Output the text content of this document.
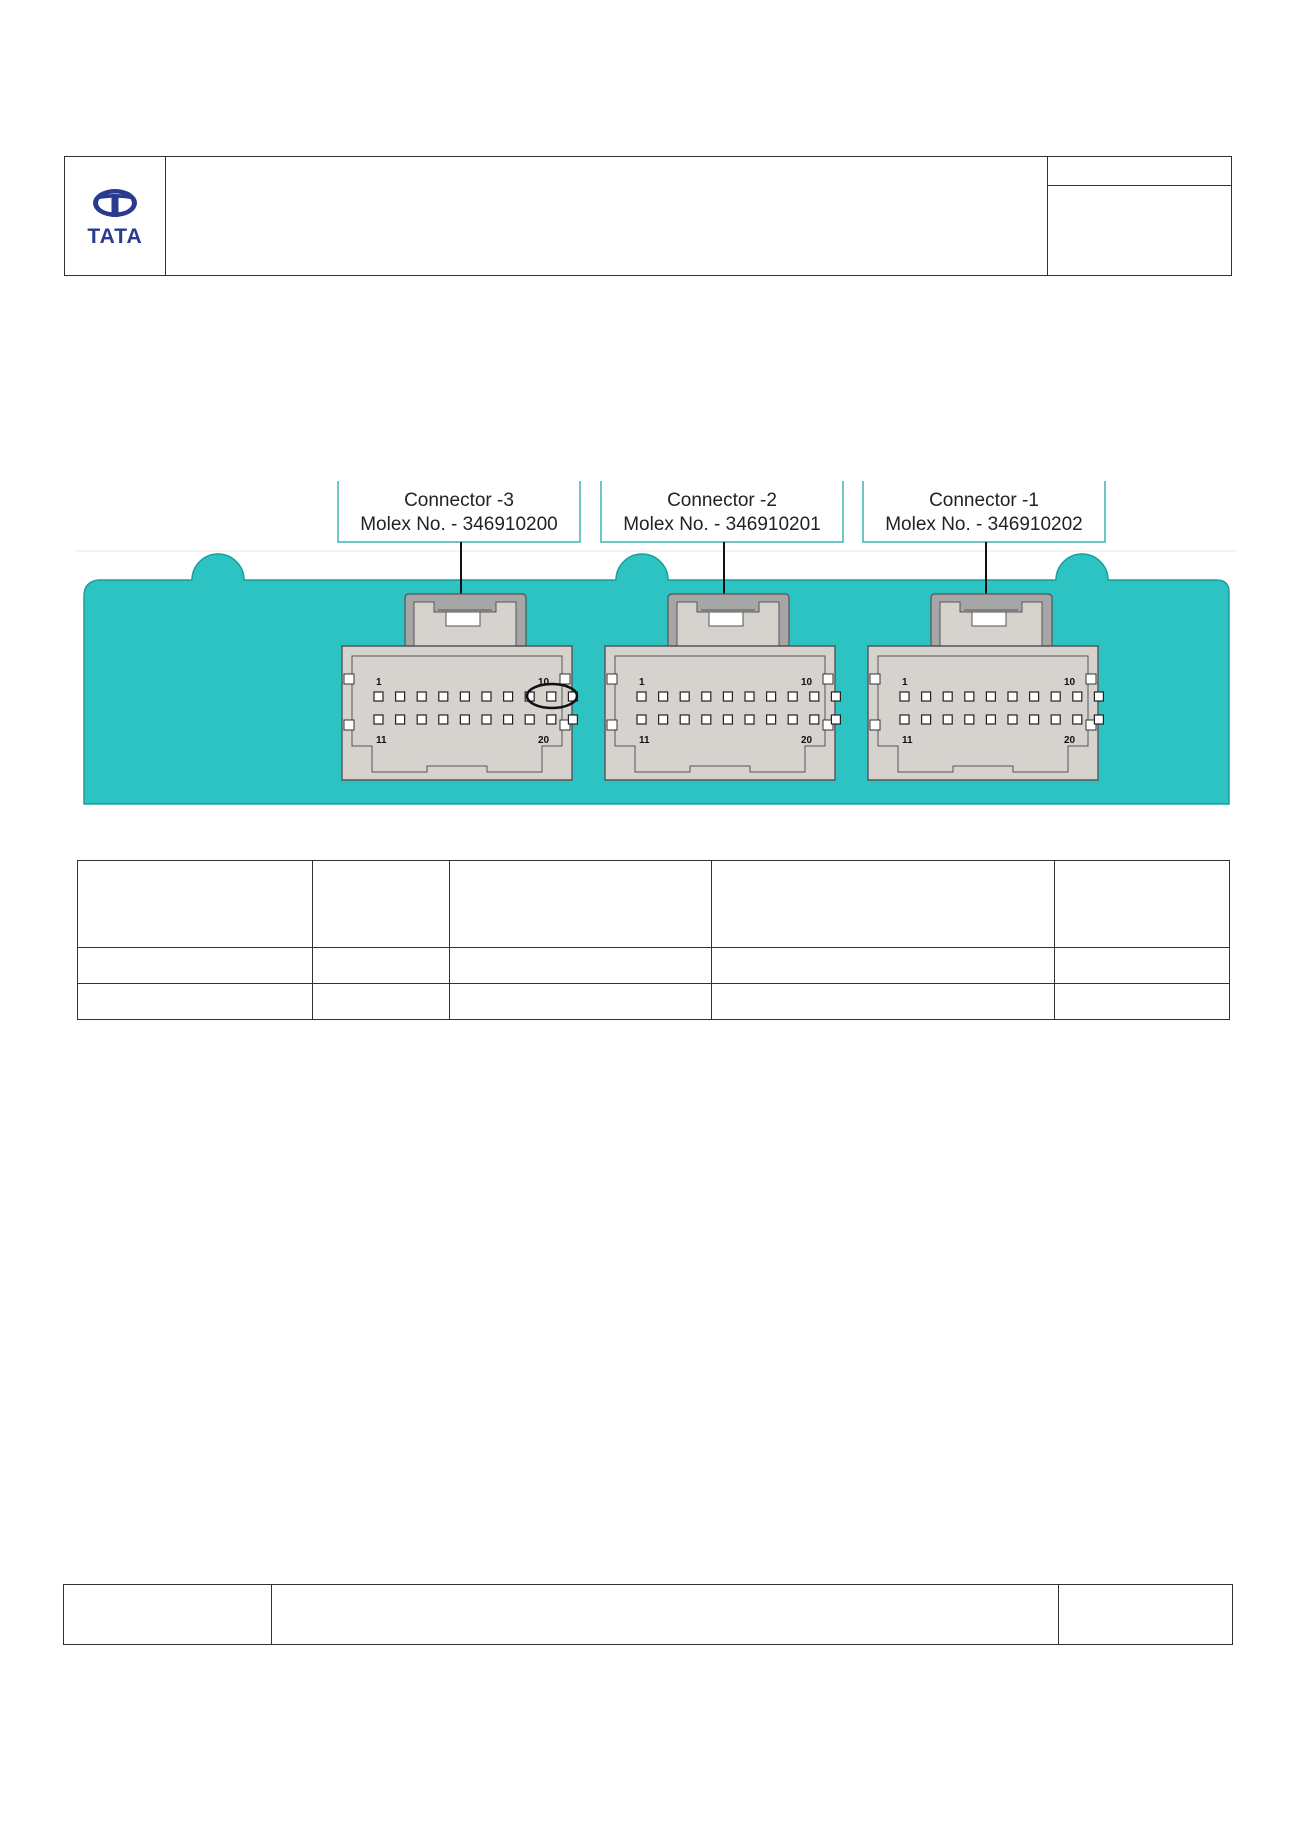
TATA
Connector -3
Molex No. - 346910200
Connector -2
Molex No. - 346910201
Connector -1
Molex No. - 346910202
1	10
11	20
1	10
11	20
1	10
11	20
